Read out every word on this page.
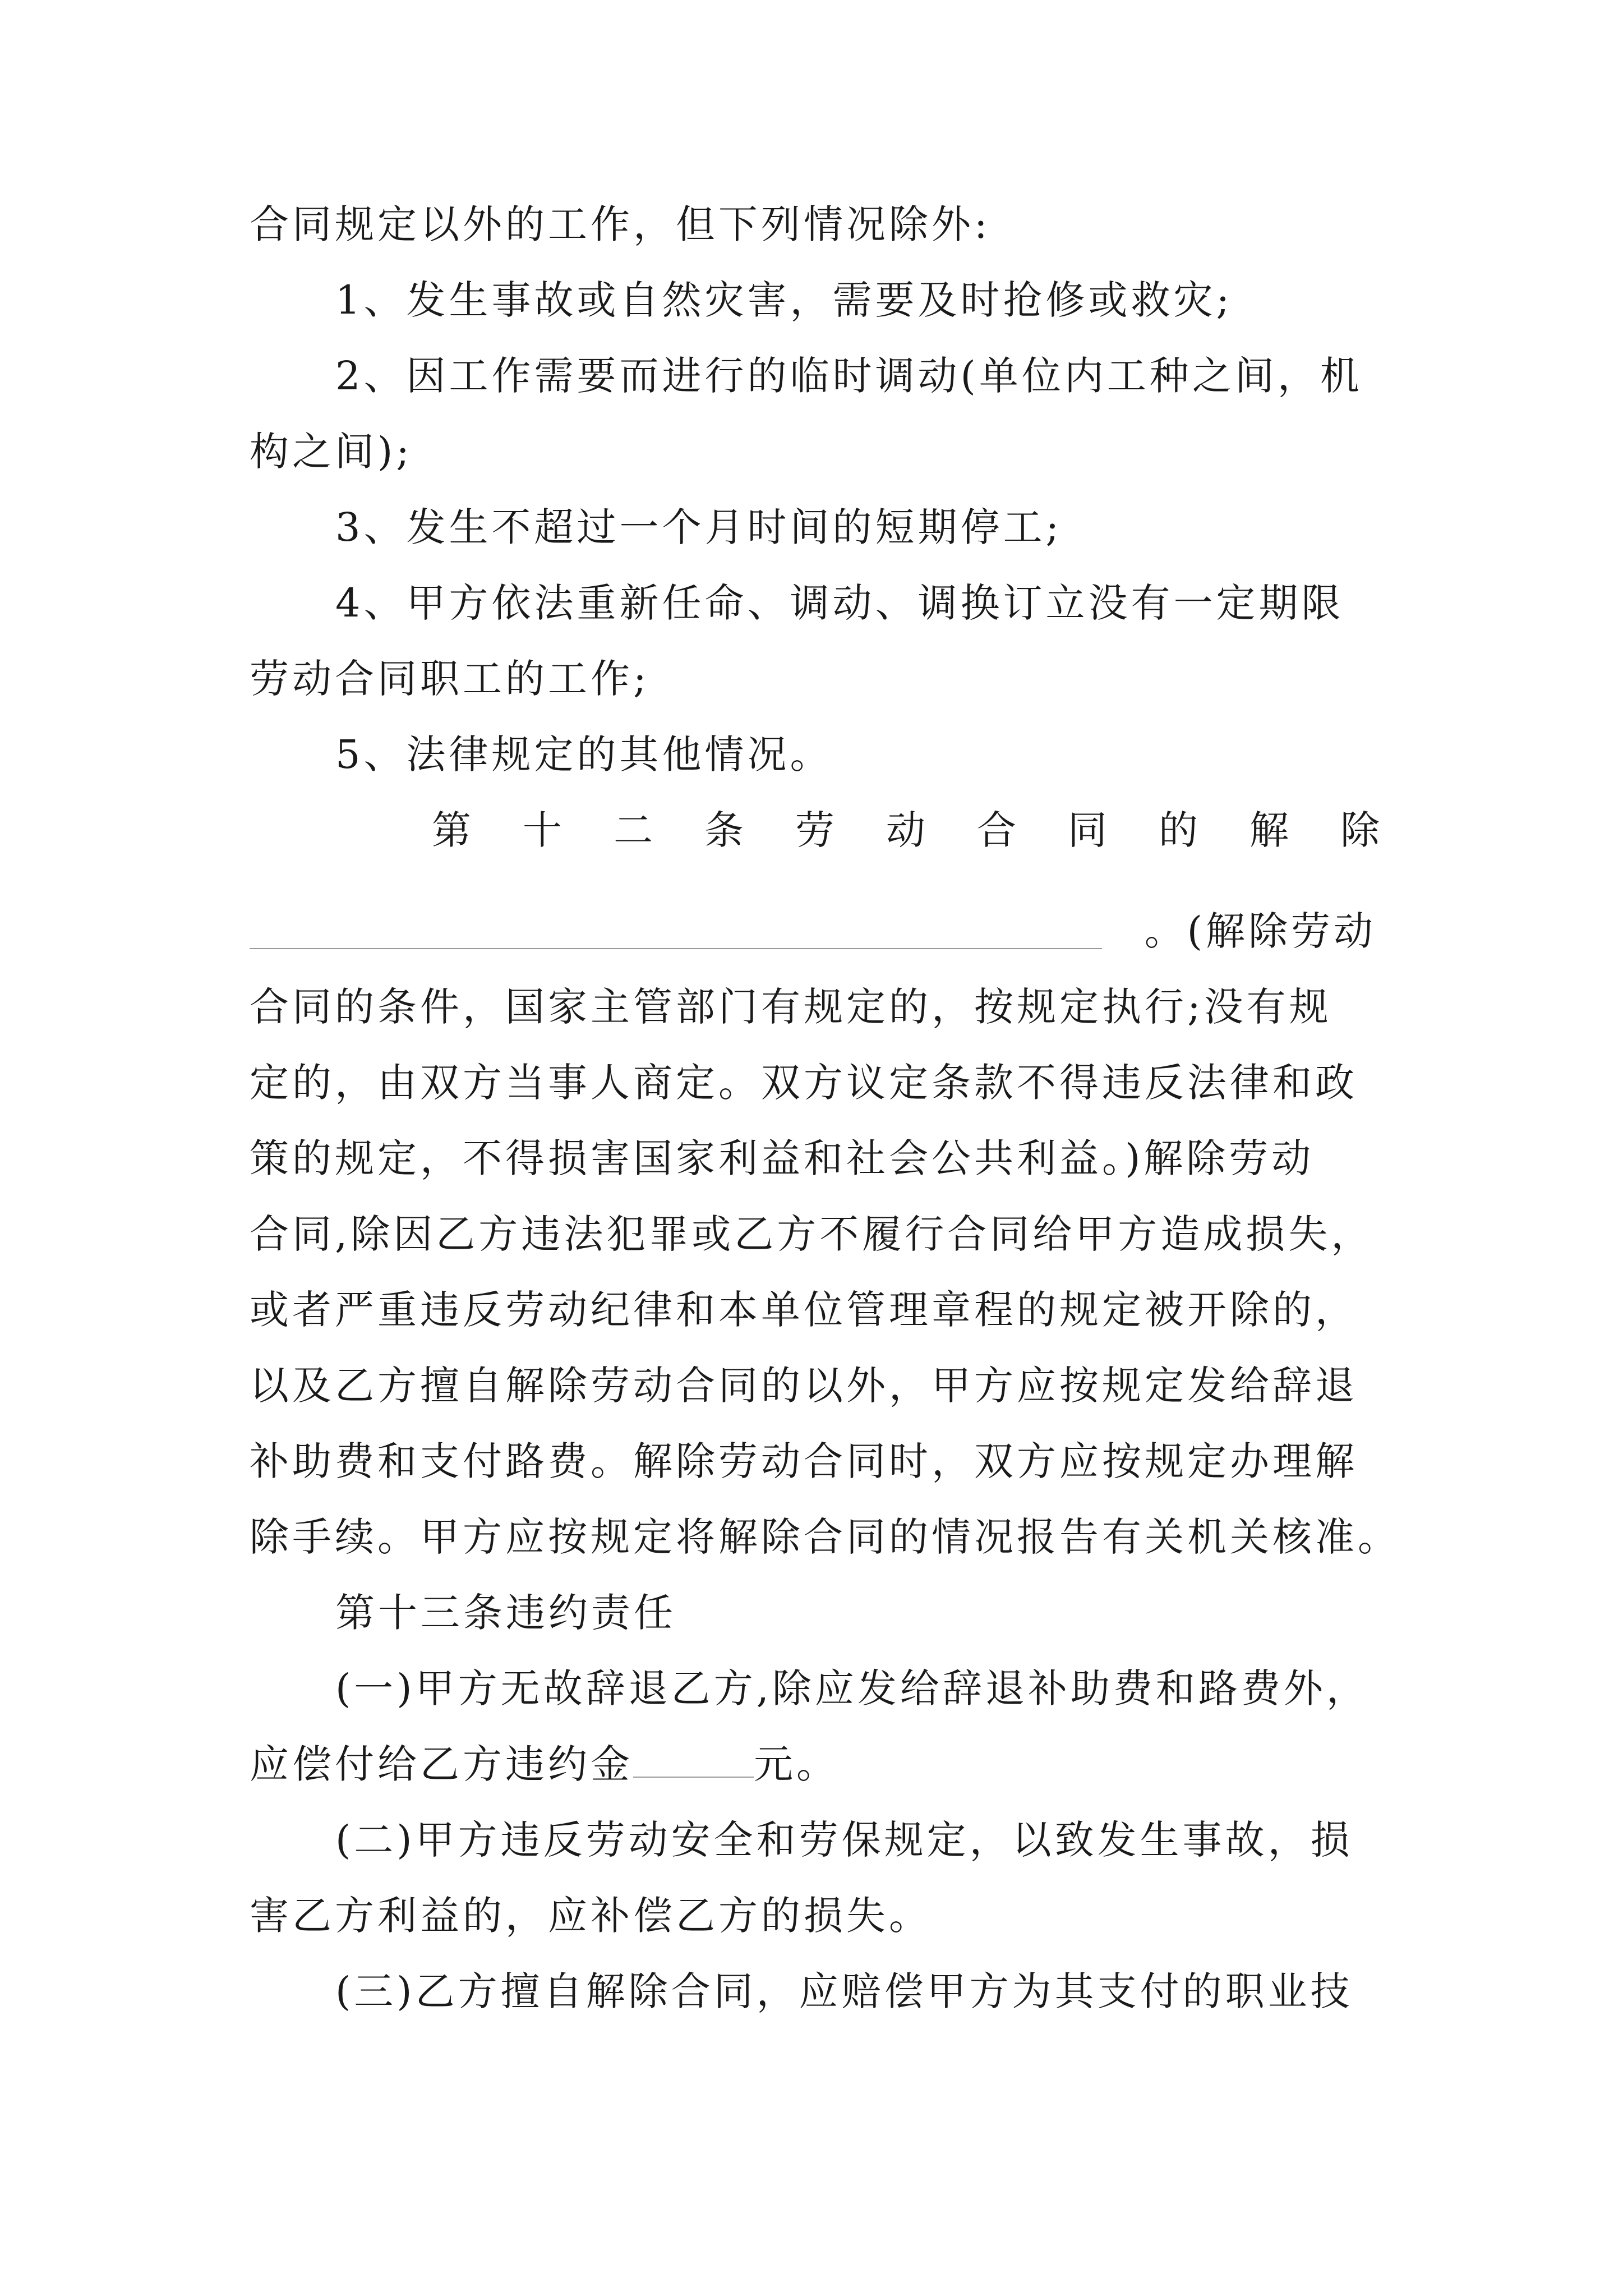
合同规定以外的工作，但下列情况除外:
1、发生事故或自然灾害，需要及时抢修或救灾;
2、因工作需要而进行的临时调动(单位内工种之间，机
构之间);
3、发生不超过一个月时间的短期停工;
4、甲方依法重新任命、调动、调换订立没有一定期限
劳动合同职工的工作;
5、法律规定的其他情况。
第 十 二 条 劳 动 合 同 的 解 除
。(解除劳动
合同的条件，国家主管部门有规定的，按规定执行;没有规
定的，由双方当事人商定。双方议定条款不得违反法律和政
策的规定，不得损害国家利益和社会公共利益。)解除劳动
合同,除因乙方违法犯罪或乙方不履行合同给甲方造成损失，
或者严重违反劳动纪律和本单位管理章程的规定被开除的，
以及乙方擅自解除劳动合同的以外，甲方应按规定发给辞退
补助费和支付路费。解除劳动合同时，双方应按规定办理解
除手续。甲方应按规定将解除合同的情况报告有关机关核准。
第十三条违约责任
(一)甲方无故辞退乙方,除应发给辞退补助费和路费外，
应偿付给乙方违约金	元。
(二)甲方违反劳动安全和劳保规定，以致发生事故，损
害乙方利益的，应补偿乙方的损失。
(三)乙方擅自解除合同，应赔偿甲方为其支付的职业技
